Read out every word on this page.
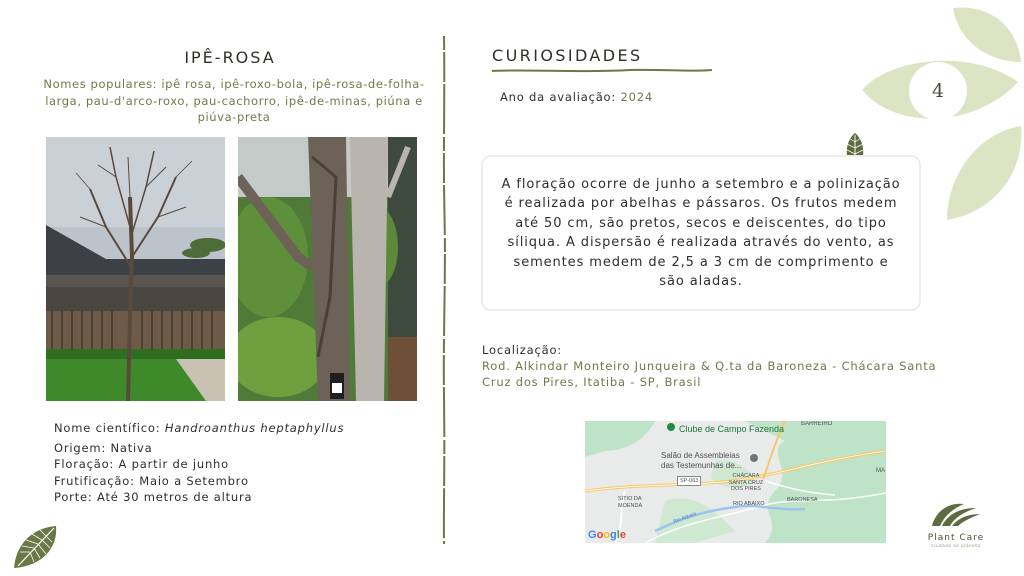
4
IPÊ-ROSA
Nomes populares: ipê rosa, ipê-roxo-bola, ipê-rosa-de-folha-larga, pau-d'arco-roxo, pau-cachorro, ipê-de-minas, piúna e piúva-preta
Nome científico: Handroanthus heptaphyllus
Origem: Nativa
Floração: A partir de junho
Frutificação: Maio a Setembro
Porte: Até 30 metros de altura
CURIOSIDADES
Ano da avaliação: 2024
A floração ocorre de junho a setembro e a polinização é realizada por abelhas e pássaros. Os frutos medem até 50 cm, são pretos, secos e deiscentes, do tipo síliqua. A dispersão é realizada através do vento, as sementes medem de 2,5 a 3 cm de comprimento e são aladas.
Localização:
Rod. Alkindar Monteiro Junqueira & Q.ta da Baroneza - Chácara Santa Cruz dos Pires, Itatiba - SP, Brasil
Clube de Campo Fazenda	BARREIRO
Salão de Assembleias das Testemunhas de...
SP-063
CHÁCARA SANTA CRUZ DOS PIRES
SÍTIO DA MOENDA
BARONESA
RIO ABAIXO
Rio Atibaia
MA
Google	Plant Care
cuidado ao planeta
